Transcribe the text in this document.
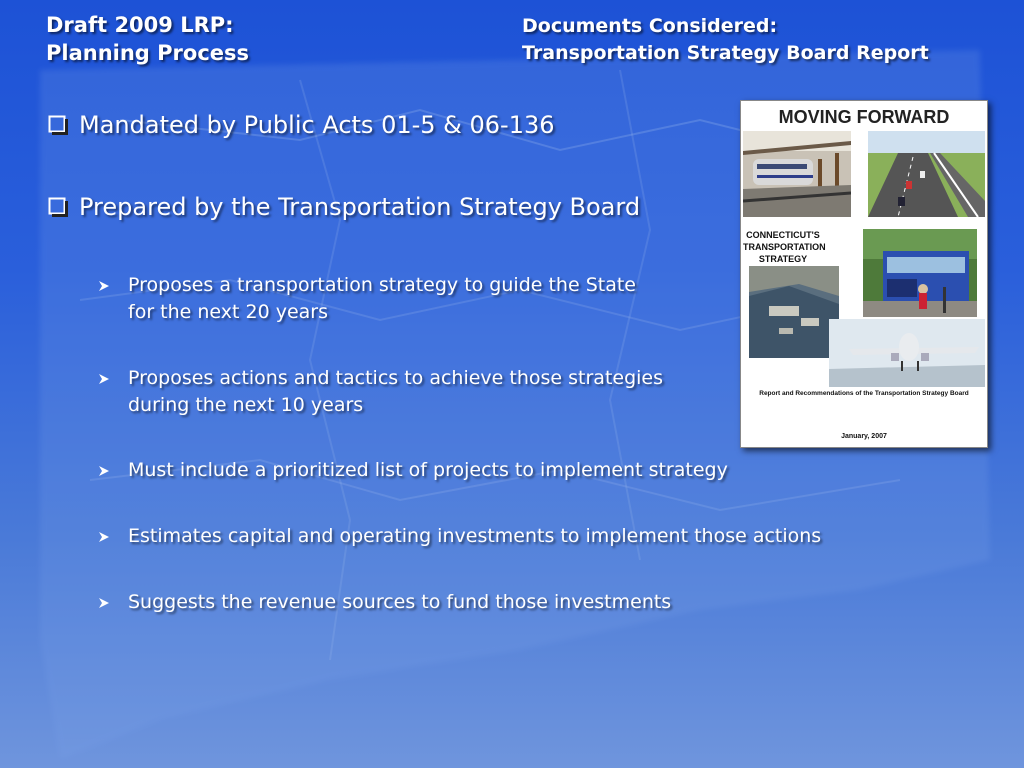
Draft 2009 LRP:
Planning Process
Documents Considered:
Transportation Strategy Board Report
Mandated by Public Acts 01-5 & 06-136
Prepared by the Transportation Strategy Board
Proposes a transportation strategy to guide the State
for the next 20 years
Proposes actions and tactics to achieve those strategies
during the next 10 years
Must include a prioritized list of projects to implement strategy
Estimates capital and operating investments to implement those actions
Suggests the revenue sources to fund those investments
MOVING FORWARD
CONNECTICUT'S
TRANSPORTATION
STRATEGY
Report and Recommendations of the Transportation Strategy Board
January, 2007
